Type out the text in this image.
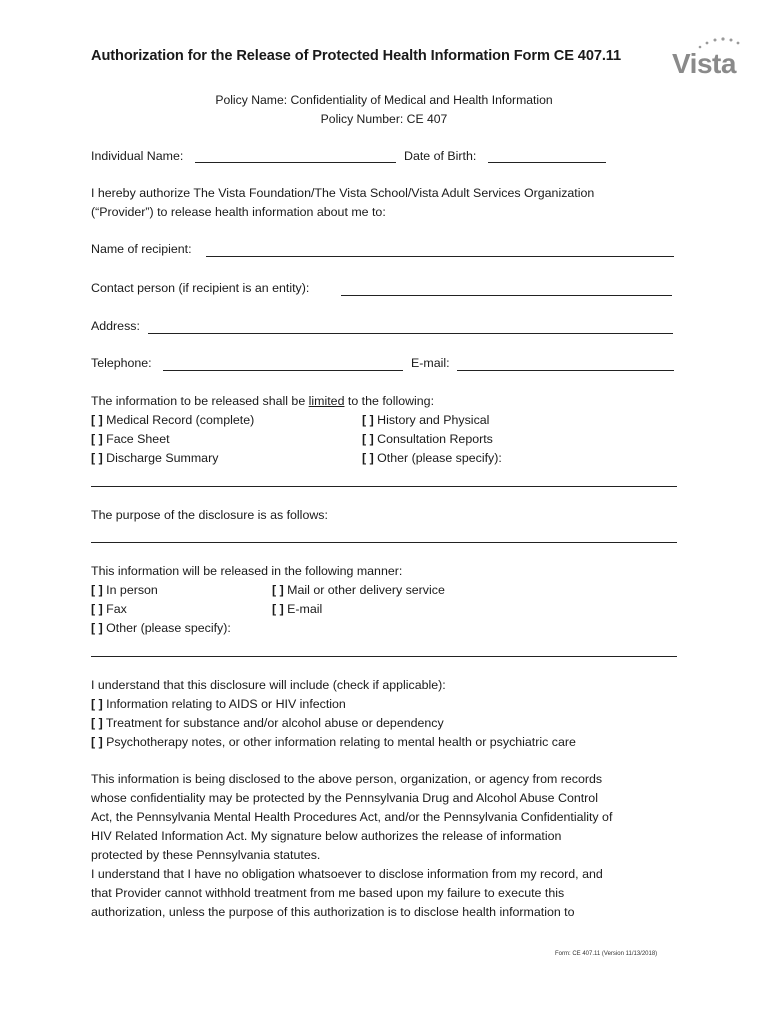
Authorization for the Release of Protected Health Information Form CE 407.11 Vista
Policy Name: Confidentiality of Medical and Health Information
Policy Number: CE 407
Individual Name:	Date of Birth:
I hereby authorize The Vista Foundation/The Vista School/Vista Adult Services Organization
(“Provider”) to release health information about me to:
Name of recipient:
Contact person (if recipient is an entity):
Address:
Telephone:	E-mail:
The information to be released shall be limited to the following:
[ ] Medical Record (complete)
[ ] Face Sheet
[ ] Discharge Summary
[ ] History and Physical
[ ] Consultation Reports
[ ] Other (please specify):
The purpose of the disclosure is as follows:
This information will be released in the following manner:
[ ] In person
[ ] Fax
[ ] Other (please specify):
[ ] Mail or other delivery service
[ ] E-mail
I understand that this disclosure will include (check if applicable):
[ ] Information relating to AIDS or HIV infection
[ ] Treatment for substance and/or alcohol abuse or dependency
[ ] Psychotherapy notes, or other information relating to mental health or psychiatric care
This information is being disclosed to the above person, organization, or agency from records
whose confidentiality may be protected by the Pennsylvania Drug and Alcohol Abuse Control
Act, the Pennsylvania Mental Health Procedures Act, and/or the Pennsylvania Confidentiality of
HIV Related Information Act. My signature below authorizes the release of information
protected by these Pennsylvania statutes.
I understand that I have no obligation whatsoever to disclose information from my record, and
that Provider cannot withhold treatment from me based upon my failure to execute this
authorization, unless the purpose of this authorization is to disclose health information to
Form: CE 407.11 (Version 11/13/2018)
